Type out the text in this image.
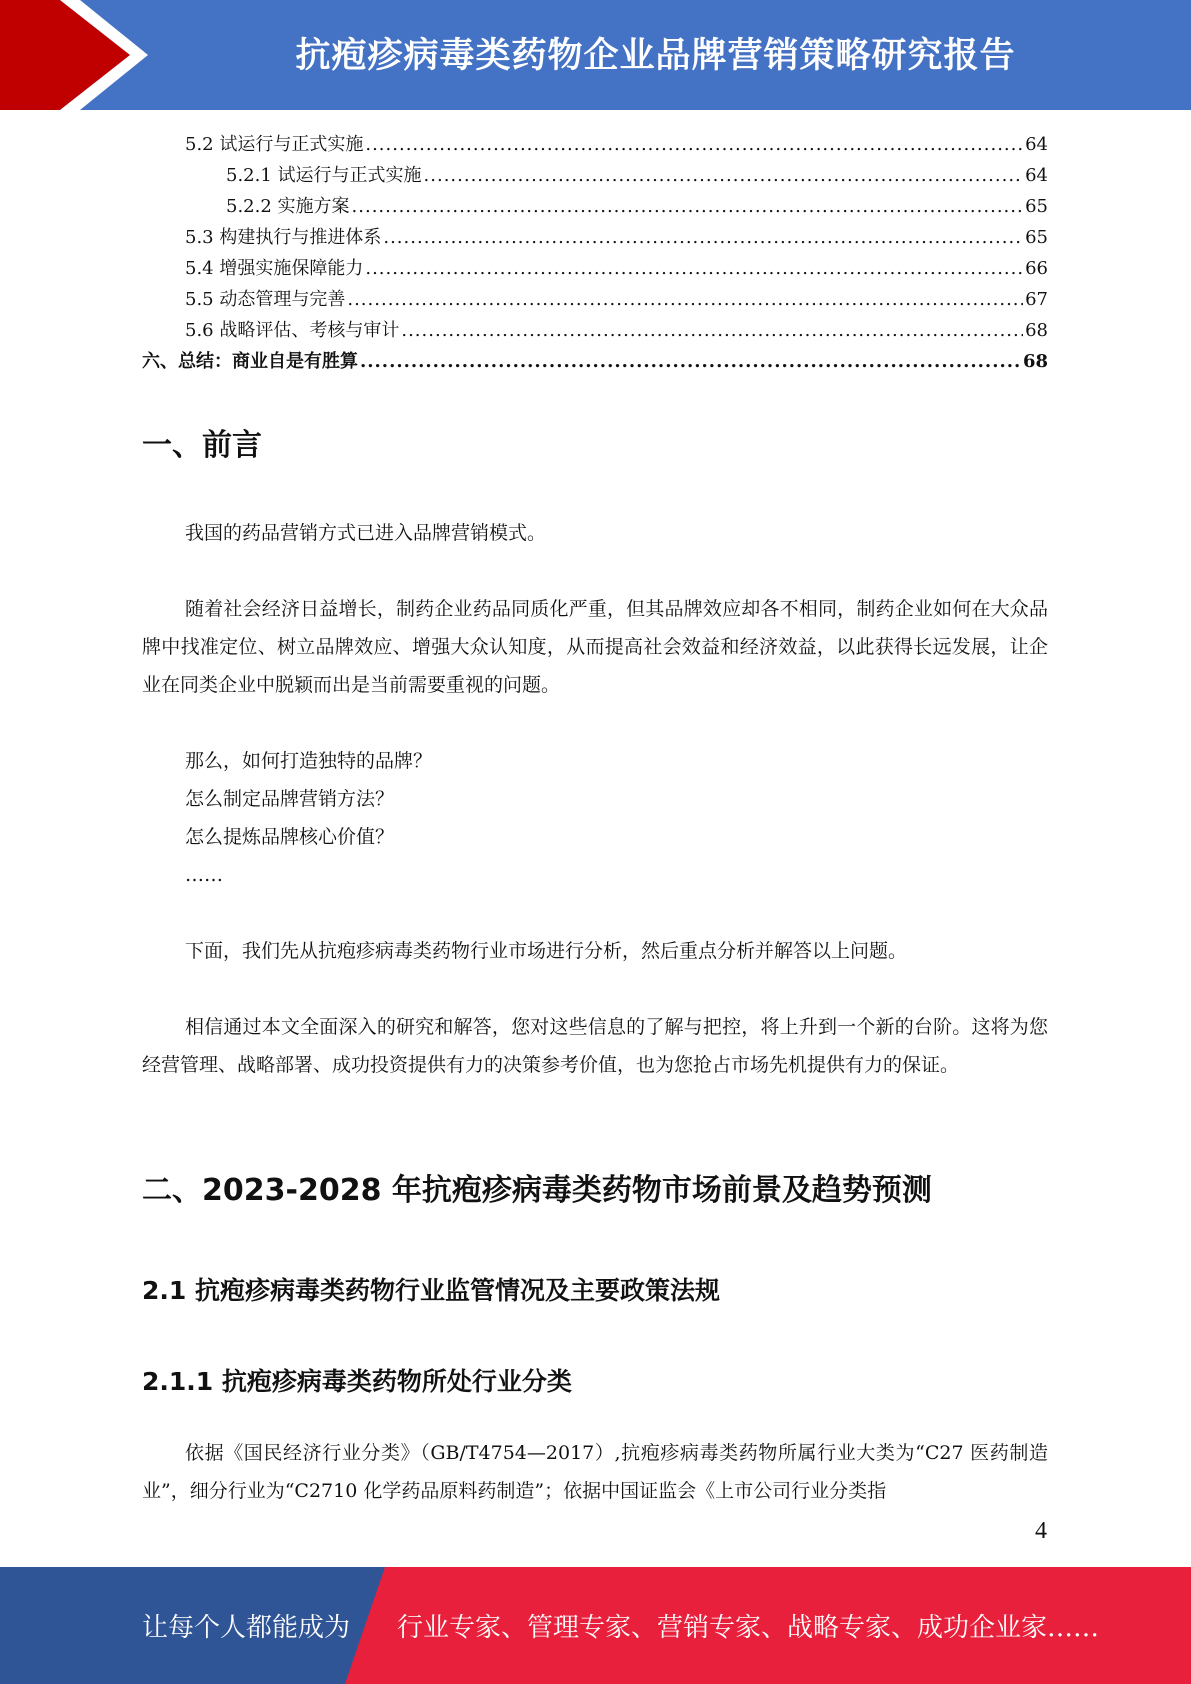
抗疱疹病毒类药物企业品牌营销策略研究报告
5.2 试运行与正式实施 .....	64
5.2.1 试运行与正式实施 .....	64
5.2.2 实施方案 .....	65
5.3 构建执行与推进体系 .....	65
5.4 增强实施保障能力 .....	66
5.5 动态管理与完善 .....	67
5.6 战略评估、考核与审计 .....	68
六、总结：商业自是有胜算 .....	68
一、前言
我国的药品营销方式已进入品牌营销模式。
随着社会经济日益增长，制药企业药品同质化严重，但其品牌效应却各不相同，制药企业如何在大众品牌中找准定位、树立品牌效应、增强大众认知度，从而提高社会效益和经济效益，以此获得长远发展，让企业在同类企业中脱颖而出是当前需要重视的问题。
那么，如何打造独特的品牌？
怎么制定品牌营销方法？
怎么提炼品牌核心价值？
……
下面，我们先从抗疱疹病毒类药物行业市场进行分析，然后重点分析并解答以上问题。
相信通过本文全面深入的研究和解答，您对这些信息的了解与把控，将上升到一个新的台阶。这将为您经营管理、战略部署、成功投资提供有力的决策参考价值，也为您抢占市场先机提供有力的保证。
二、2023-2028 年抗疱疹病毒类药物市场前景及趋势预测
2.1 抗疱疹病毒类药物行业监管情况及主要政策法规
2.1.1 抗疱疹病毒类药物所处行业分类
依据《国民经济行业分类》（GB/T4754—2017）,抗疱疹病毒类药物所属行业大类为“C27 医药制造业”，细分行业为“C2710 化学药品原料药制造”；依据中国证监会《上市公司行业分类指
4
让每个人都能成为 行业专家、管理专家、营销专家、战略专家、成功企业家……
